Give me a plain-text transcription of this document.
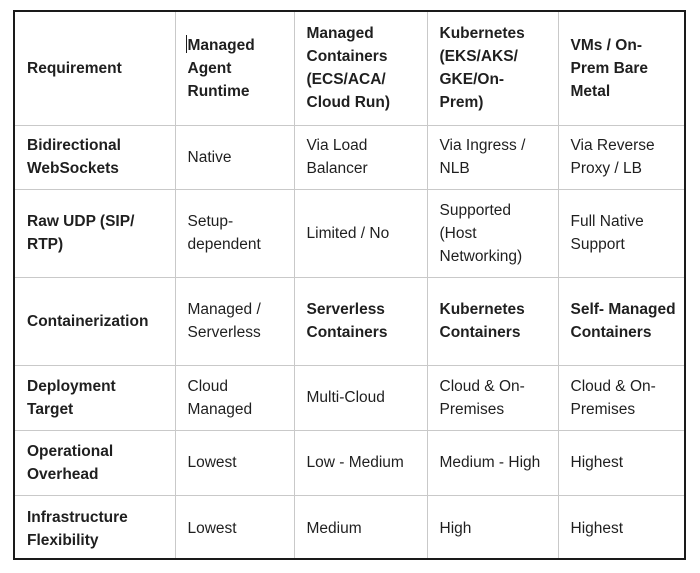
Requirement	Managed Agent Runtime	Managed Containers (ECS/ACA/ Cloud Run)	Kubernetes (EKS/AKS/ GKE/On- Prem)	VMs / On- Prem Bare Metal
Bidirectional WebSockets	Native	Via Load Balancer	Via Ingress / NLB	Via Reverse Proxy / LB
Raw UDP (SIP/ RTP)	Setup- dependent	Limited / No	Supported (Host Networking)	Full Native Support
Containerization	Managed / Serverless	Serverless Containers	Kubernetes Containers	Self- Managed Containers
Deployment Target	Cloud Managed	Multi-Cloud	Cloud & On- Premises	Cloud & On- Premises
Operational Overhead	Lowest	Low - Medium	Medium - High	Highest
Infrastructure Flexibility	Lowest	Medium	High	Highest
